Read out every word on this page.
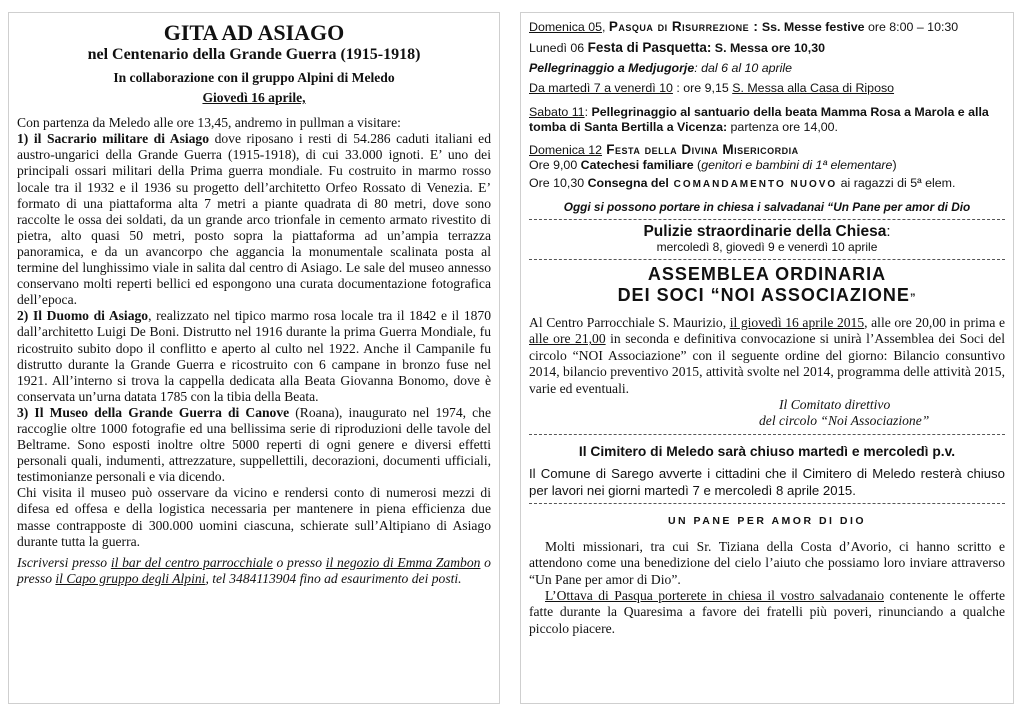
GITA AD ASIAGO
nel Centenario della Grande Guerra (1915-1918)
In collaborazione con il gruppo Alpini di Meledo
Giovedì 16 aprile,

Con partenza da Meledo alle ore 13,45, andremo in pullman a visitare:

1) il Sacrario militare di Asiago dove riposano i resti di 54.286 caduti italiani ed austro-ungarici della Grande Guerra (1915-1918), di cui 33.000 ignoti. E’ uno dei principali ossari militari della Prima guerra mondiale. Fu costruito in marmo rosso locale tra il 1932 e il 1936 su progetto dell’architetto Orfeo Rossato di Venezia. E’ formato di una piattaforma alta 7 metri a piante quadrata di 80 metri, dove sono raccolte le ossa dei soldati, da un grande arco trionfale in cemento armato rivestito di pietra, alto quasi 50 metri, posto sopra la piattaforma ad un’ampia terrazza panoramica, e da un avancorpo che aggancia la monumentale scalinata posta al termine del lunghissimo viale in salita dal centro di Asiago. Le sale del museo annesso conservano molti reperti bellici ed espongono una curata documentazione fotografica dell’epoca.

2) Il Duomo di Asiago, realizzato nel tipico marmo rosa locale tra il 1842 e il 1870 dall’architetto Luigi De Boni. Distrutto nel 1916 durante la prima Guerra Mondiale, fu ricostruito subito dopo il conflitto e aperto al culto nel 1922. Anche il Campanile fu distrutto durante la Grande Guerra e ricostruito con 6 campane in bronzo fuse nel 1921. All’interno si trova la cappella dedicata alla Beata Giovanna Bonomo, dove è conservata un’urna datata 1785 con la tibia della Beata.

3) Il Museo della Grande Guerra di Canove (Roana), inaugurato nel 1974, che raccoglie oltre 1000 fotografie ed una bellissima serie di riproduzioni delle tavole del Beltrame. Sono esposti inoltre oltre 5000 reperti di ogni genere e diversi effetti personali quali, indumenti, attrezzature, suppellettili, decorazioni, documenti ufficiali, testimonianze personali e via dicendo.

Chi visita il museo può osservare da vicino e rendersi conto di numerosi mezzi di difesa ed offesa e della logistica necessaria per mantenere in piena efficienza due masse contrapposte di 300.000 uomini ciascuna, schierate sull’Altipiano di Asiago durante tutta la guerra.

Iscriversi presso il bar del centro parrocchiale o presso il negozio di Emma Zambon o presso il Capo gruppo degli Alpini, tel 3484113904 fino ad esaurimento dei posti.

Domenica 05, Pasqua di Risurrezione : Ss. Messe festive ore 8:00 – 10:30

Lunedì 06 Festa di Pasquetta: S. Messa ore 10,30

Pellegrinaggio a Medjugorje: dal 6 al 10 aprile

Da martedì 7 a venerdì 10 : ore 9,15 S. Messa alla Casa di Riposo

Sabato 11: Pellegrinaggio al santuario della beata Mamma Rosa a Marola e alla tomba di Santa Bertilla a Vicenza: partenza ore 14,00.

Domenica 12 Festa della Divina Misericordia

Ore 9,00 Catechesi familiare (genitori e bambini di 1ª elementare)

Ore 10,30 Consegna del COMANDAMENTO NUOVO ai ragazzi di 5ª elem.

Oggi si possono portare in chiesa i salvadanai “Un Pane per amor di Dio

Pulizie straordinarie della Chiesa:

mercoledì 8, giovedì 9 e venerdì 10 aprile

ASSEMBLEA ORDINARIA
DEI SOCI “NOI ASSOCIAZIONE”

Al Centro Parrocchiale S. Maurizio, il giovedì 16 aprile 2015, alle ore 20,00 in prima e alle ore 21,00 in seconda e definitiva convocazione si unirà l’Assemblea dei Soci del circolo “NOI Associazione” con il seguente ordine del giorno: Bilancio consuntivo 2014, bilancio preventivo 2015, attività svolte nel 2014, programma delle attività 2015, varie ed eventuali.

Il Comitato direttivo

del circolo “Noi Associazione”

Il Cimitero di Meledo sarà chiuso martedì e mercoledì p.v.

Il Comune di Sarego avverte i cittadini che il Cimitero di Meledo resterà chiuso per lavori nei giorni martedì 7 e mercoledì 8 aprile 2015.

UN PANE PER AMOR DI DIO

Molti missionari, tra cui Sr. Tiziana della Costa d’Avorio, ci hanno scritto e attendono come una benedizione del cielo l’aiuto che possiamo loro inviare attraverso “Un Pane per amor di Dio”.

L’Ottava di Pasqua porterete in chiesa il vostro salvadanaio contenente le offerte fatte durante la Quaresima a favore dei fratelli più poveri, rinunciando a qualche piccolo piacere.
